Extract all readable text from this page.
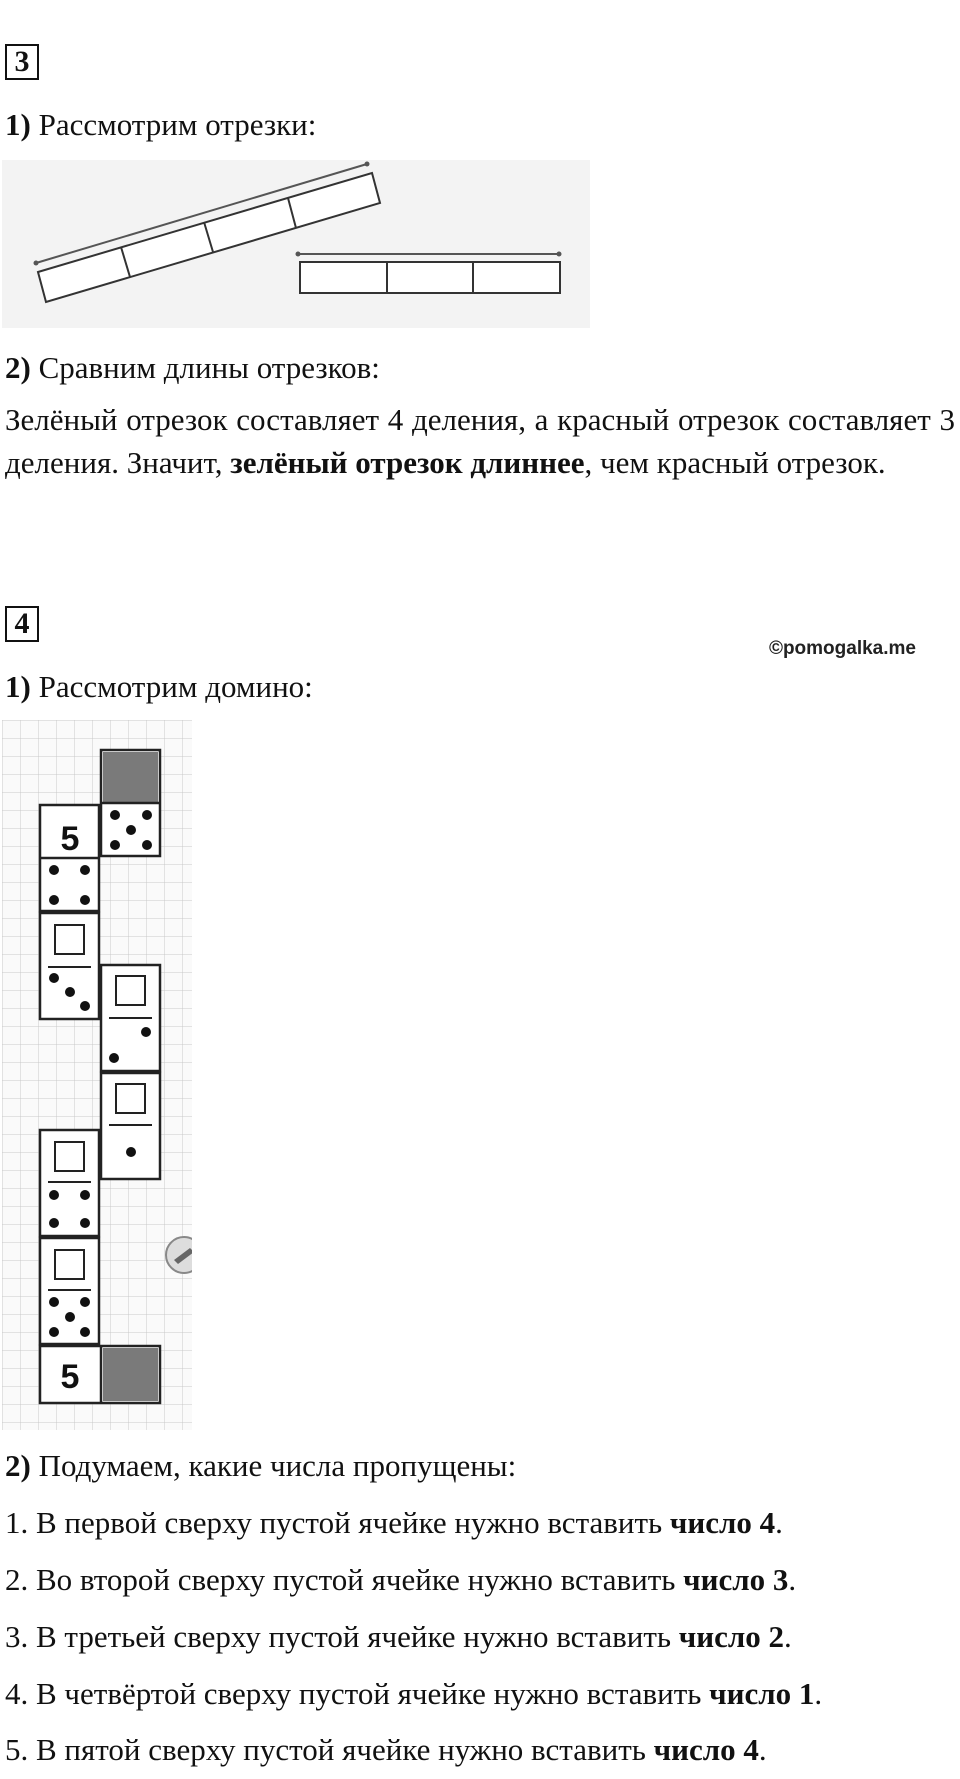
3
1) Рассмотрим отрезки:
2) Сравним длины отрезков:
Зелёный отрезок составляет 4 деления, а красный отрезок составляет 3 деления. Значит, зелёный отрезок длиннее, чем красный отрезок.
4
©pomogalka.me
1) Рассмотрим домино:
5
5
2) Подумаем, какие числа пропущены:
1. В первой сверху пустой ячейке нужно вставить число 4.
2. Во второй сверху пустой ячейке нужно вставить число 3.
3. В третьей сверху пустой ячейке нужно вставить число 2.
4. В четвёртой сверху пустой ячейке нужно вставить число 1.
5. В пятой сверху пустой ячейке нужно вставить число 4.
